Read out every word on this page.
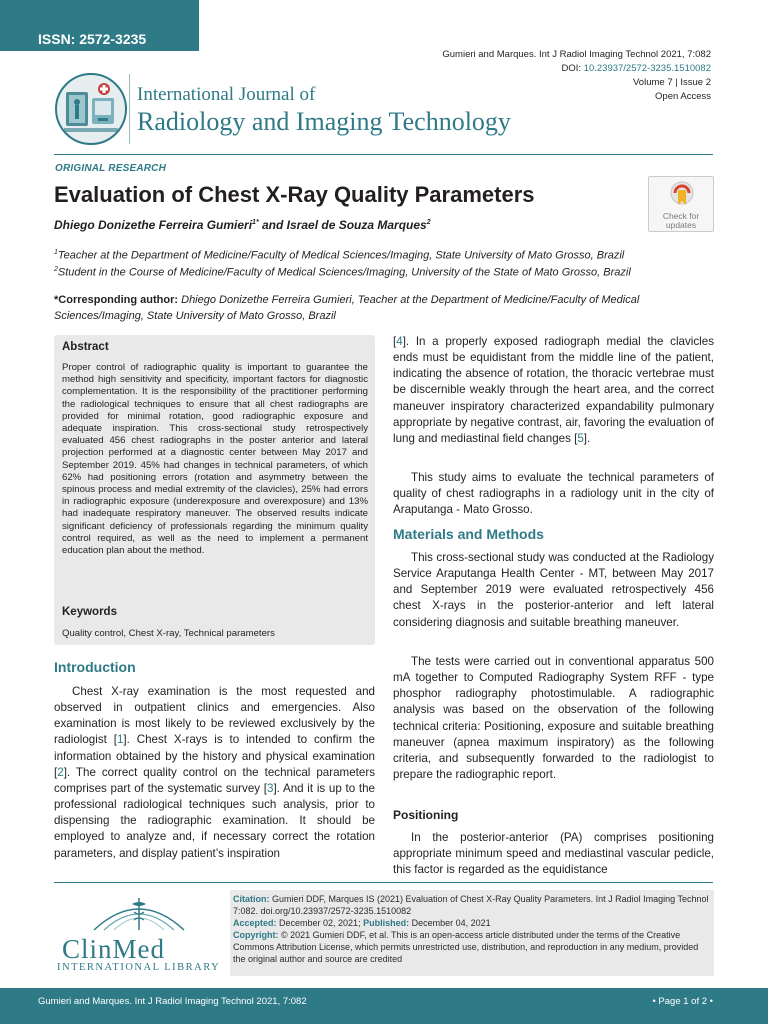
ISSN: 2572-3235
Gumieri and Marques. Int J Radiol Imaging Technol 2021, 7:082
DOI: 10.23937/2572-3235.1510082
Volume 7 | Issue 2
Open Access
International Journal of
Radiology and Imaging Technology
ORIGINAL RESEARCH
Evaluation of Chest X-Ray Quality Parameters
Check for
updates
Dhiego Donizethe Ferreira Gumieri$^{1*}$ and Israel de Souza Marques$^2$
$^1$Teacher at the Department of Medicine/Faculty of Medical Sciences/Imaging, State University of Mato Grosso, Brazil
$^2$Student in the Course of Medicine/Faculty of Medical Sciences/Imaging, University of the State of Mato Grosso, Brazil
*Corresponding author: Dhiego Donizethe Ferreira Gumieri, Teacher at the Department of Medicine/Faculty of Medical Sciences/Imaging, State University of Mato Grosso, Brazil
Abstract
Proper control of radiographic quality is important to guarantee the method high sensitivity and specificity, important factors for diagnostic complementation. It is the responsibility of the practitioner performing the radiological techniques to ensure that all chest radiographs are provided for minimal rotation, good radiographic exposure and adequate inspiration. This cross-sectional study retrospectively evaluated 456 chest radiographs in the poster anterior and lateral projection performed at a diagnostic center between May 2017 and September 2019. 45% had changes in technical parameters, of which 62% had positioning errors (rotation and asymmetry between the spinous process and medial extremity of the clavicles), 25% had errors in radiographic exposure (underexposure and overexposure) and 13% had inadequate respiratory maneuver. The observed results indicate significant deficiency of professionals regarding the minimum quality control required, as well as the need to implement a permanent education plan about the method.
Keywords
Quality control, Chest X-ray, Technical parameters
Introduction
Chest X-ray examination is the most requested and observed in outpatient clinics and emergencies. Also examination is most likely to be reviewed exclusively by the radiologist [1]. Chest X-rays is to intended to confirm the information obtained by the history and physical examination [2]. The correct quality control on the technical parameters comprises part of the systematic survey [3]. And it is up to the professional radiological techniques such analysis, prior to dispensing the radiographic examination. It should be employed to analyze and, if necessary correct the rotation parameters, and display patient’s inspiration
[4]. In a properly exposed radiograph medial the clavicles ends must be equidistant from the middle line of the patient, indicating the absence of rotation, the thoracic vertebrae must be discernible weakly through the heart area, and the correct maneuver inspiratory characterized expandability pulmonary appropriate by negative contrast, air, favoring the evaluation of lung and mediastinal field changes [5].
This study aims to evaluate the technical parameters of quality of chest radiographs in a radiology unit in the city of Araputanga - Mato Grosso.
Materials and Methods
This cross-sectional study was conducted at the Radiology Service Araputanga Health Center - MT, between May 2017 and September 2019 were evaluated retrospectively 456 chest X-rays in the posterior-anterior and left lateral considering diagnosis and suitable breathing maneuver.
The tests were carried out in conventional apparatus 500 mA together to Computed Radiography System RFF - type phosphor radiography photostimulable. A radiographic analysis was based on the observation of the following technical criteria: Positioning, exposure and suitable breathing maneuver (apnea maximum inspiratory) as the following criteria, and subsequently forwarded to the radiologist to prepare the radiographic report.
Positioning
In the posterior-anterior (PA) comprises positioning appropriate minimum speed and mediastinal vascular pedicle, this factor is regarded as the equidistance
ClinMed
INTERNATIONAL LIBRARY
Citation: Gumieri DDF, Marques IS (2021) Evaluation of Chest X-Ray Quality Parameters. Int J Radiol Imaging Technol 7:082. doi.org/10.23937/2572-3235.1510082
Accepted: December 02, 2021; Published: December 04, 2021
Copyright: © 2021 Gumieri DDF, et al. This is an open-access article distributed under the terms of the Creative Commons Attribution License, which permits unrestricted use, distribution, and reproduction in any medium, provided the original author and source are credited
Gumieri and Marques. Int J Radiol Imaging Technol 2021, 7:082	• Page 1 of 2 •
